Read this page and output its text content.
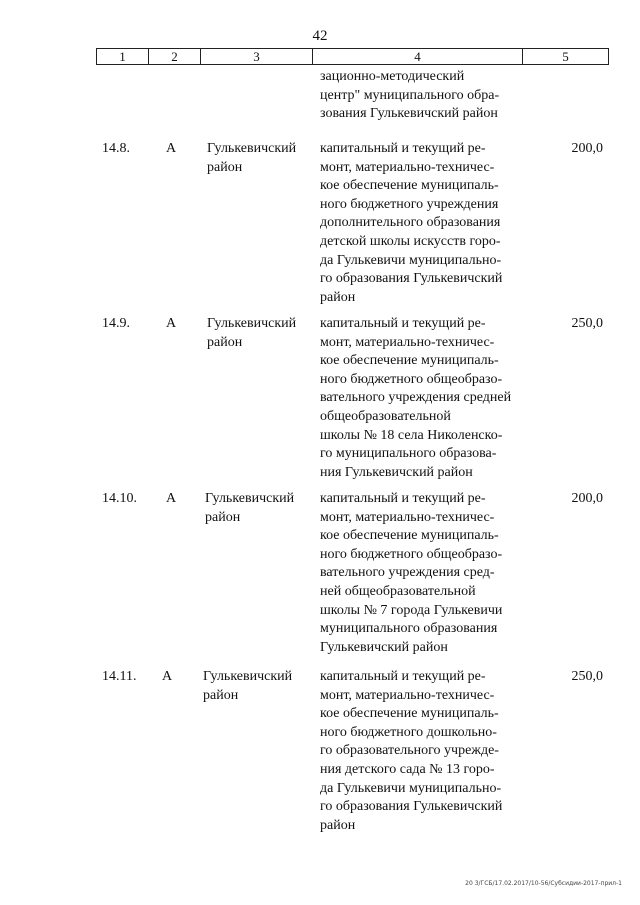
42
1	2	3	4	5
зационно-методический
центр" муниципального обра-
зования Гулькевичский район
14.8.	А	Гулькевичский
район
капитальный и текущий ре-
монт, материально-техничес-
кое обеспечение муниципаль-
ного бюджетного учреждения
дополнительного образования
детской школы искусств горо-
да Гулькевичи муниципально-
го образования Гулькевичский
район
200,0
14.9.	А	Гулькевичский
район
капитальный и текущий ре-
монт, материально-техничес-
кое обеспечение муниципаль-
ного бюджетного общеобразо-
вательного учреждения средней
общеобразовательной
школы № 18 села Николенско-
го муниципального образова-
ния Гулькевичский район
250,0
14.10.	А	Гулькевичский
район
капитальный и текущий ре-
монт, материально-техничес-
кое обеспечение муниципаль-
ного бюджетного общеобразо-
вательного учреждения сред-
ней общеобразовательной
школы № 7 города Гулькевичи
муниципального образования
Гулькевичский район
200,0
14.11.	А	Гулькевичский
район
капитальный и текущий ре-
монт, материально-техничес-
кое обеспечение муниципаль-
ного бюджетного дошкольно-
го образовательного учрежде-
ния детского сада № 13 горо-
да Гулькевичи муниципально-
го образования Гулькевичский
район
250,0
20 3/ГСБ/17.02.2017/10-56/Субсидии-2017-прил-1
